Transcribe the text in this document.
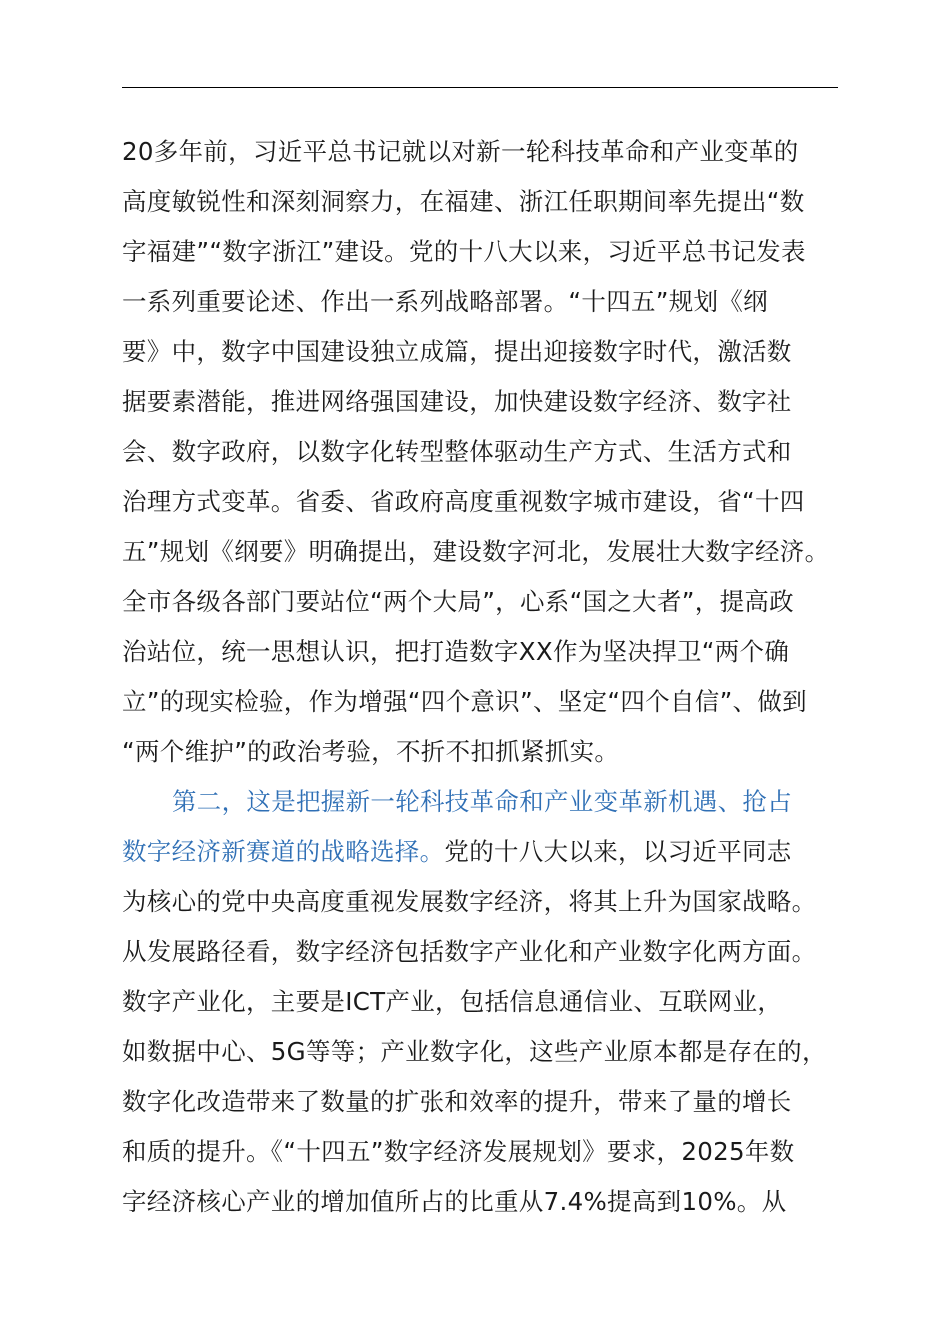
20多年前，习近平总书记就以对新一轮科技革命和产业变革的
高度敏锐性和深刻洞察力，在福建、浙江任职期间率先提出“数
字福建”“数字浙江”建设。党的十八大以来，习近平总书记发表
一系列重要论述、作出一系列战略部署。“十四五”规划《纲
要》中，数字中国建设独立成篇，提出迎接数字时代，激活数
据要素潜能，推进网络强国建设，加快建设数字经济、数字社
会、数字政府，以数字化转型整体驱动生产方式、生活方式和
治理方式变革。省委、省政府高度重视数字城市建设，省“十四
五”规划《纲要》明确提出，建设数字河北，发展壮大数字经济。
全市各级各部门要站位“两个大局”，心系“国之大者”，提高政
治站位，统一思想认识，把打造数字XX作为坚决捍卫“两个确
立”的现实检验，作为增强“四个意识”、坚定“四个自信”、做到
“两个维护”的政治考验，不折不扣抓紧抓实。
第二，这是把握新一轮科技革命和产业变革新机遇、抢占
数字经济新赛道的战略选择。党的十八大以来，以习近平同志
为核心的党中央高度重视发展数字经济，将其上升为国家战略。
从发展路径看，数字经济包括数字产业化和产业数字化两方面。
数字产业化，主要是ICT产业，包括信息通信业、互联网业，
如数据中心、5G等等；产业数字化，这些产业原本都是存在的，
数字化改造带来了数量的扩张和效率的提升，带来了量的增长
和质的提升。《“十四五”数字经济发展规划》要求，2025年数
字经济核心产业的增加值所占的比重从7.4%提高到10%。从
